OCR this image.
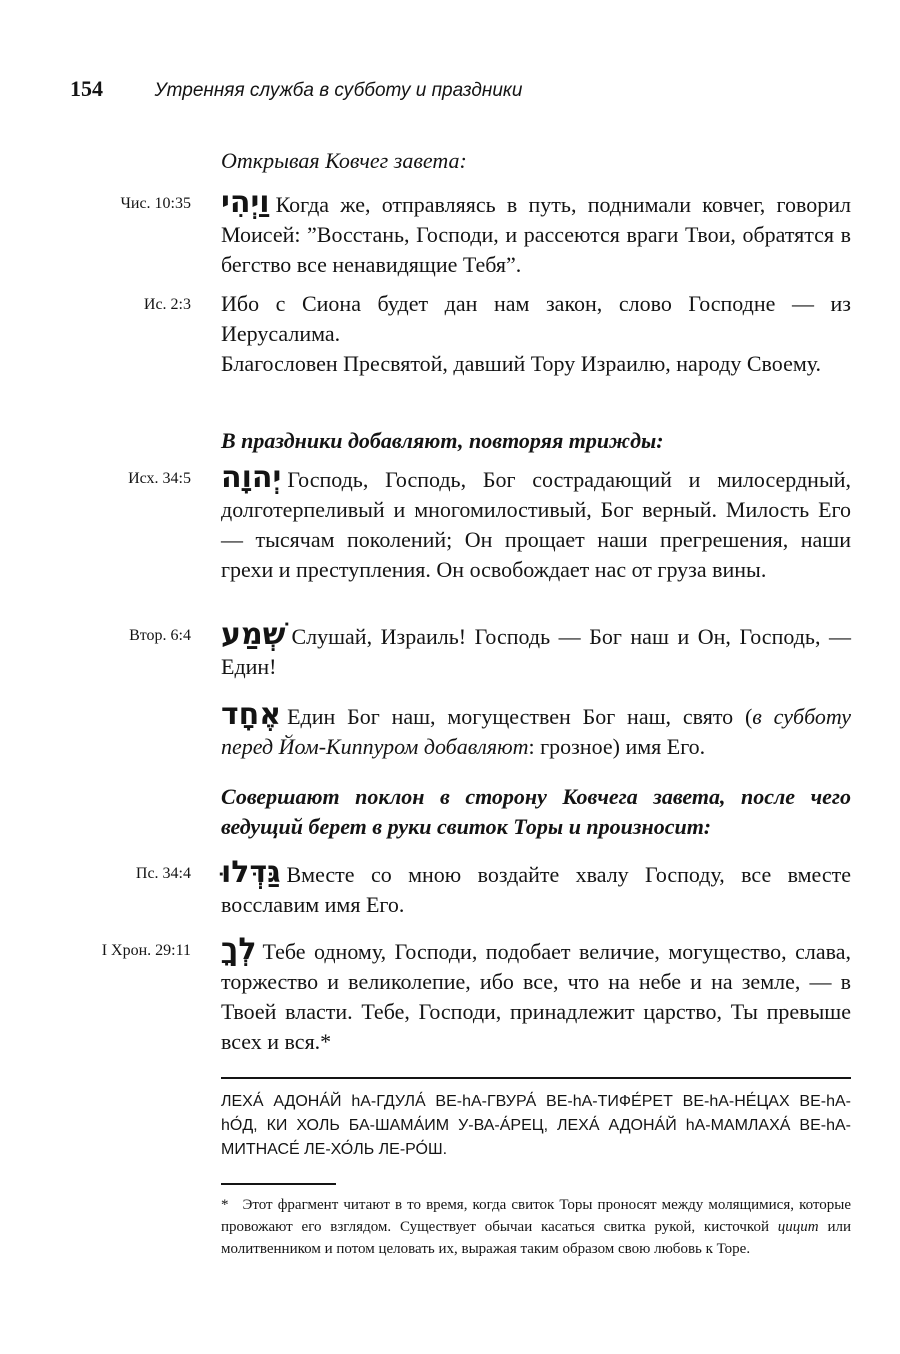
154	Утренняя служба в субботу и праздники
Открывая Ковчег завета:
Чис. 10:35 וַיְהִי Когда же, отправляясь в путь, поднимали ковчег, говорил Моисей: ”Восстань, Господи, и рассеются враги Твои, обратятся в бегство все ненавидящие Тебя”.
Ис. 2:3 Ибо с Сиона будет дан нам закон, слово Господне — из Иерусалима.
Благословен Пресвятой, давший Тору Израилю, народу Своему.
В праздники добавляют, повторяя трижды:
Исх. 34:5 יְהוָה Господь, Господь, Бог сострадающий и милосердный, долготерпеливый и многомилостивый, Бог верный. Милость Его — тысячам поколений; Он прощает наши прегрешения, наши грехи и преступления. Он освобождает нас от груза вины.
Втор. 6:4 שְׁמַע Слушай, Израиль! Господь — Бог наш и Он, Господь, — Един!
אֶחָד Един Бог наш, могуществен Бог наш, свято (в субботу перед Йом-Киппуром добавляют: грозное) имя Его.
Совершают поклон в сторону Ковчега завета, после чего ведущий берет в руки свиток Торы и произносит:
Пс. 34:4 גַּדְּלוּ Вместе со мною воздайте хвалу Господу, все вместе восславим имя Его.
I Хрон. 29:11 לְךָ Тебе одному, Господи, подобает величие, могущество, слава, торжество и великолепие, ибо все, что на небе и на земле, — в Твоей власти. Тебе, Господи, принадлежит царство, Ты превыше всех и вся.*
ЛЕХА́ АДОНА́Й hА-ГДУЛА́ ВЕ-hА-ГВУРА́ ВЕ-hА-ТИФЕ́РЕТ ВЕ-hА-НЕ́ЦАХ ВЕ-hА-hО́Д, КИ ХОЛЬ БА-ШАМА́ИМ У-ВА-А́РЕЦ, ЛЕХА́ АДОНА́Й hА-МАМЛАХА́ ВЕ-hА-МИТНАСЕ́ ЛЕ-ХО́ЛЬ ЛЕ-РО́Ш.
* Этот фрагмент читают в то время, когда свиток Торы проносят между молящимися, которые провожают его взглядом. Существует обычаи касаться свитка рукой, кисточкой цицит или молитвенником и потом целовать их, выражая таким образом свою любовь к Торе.
